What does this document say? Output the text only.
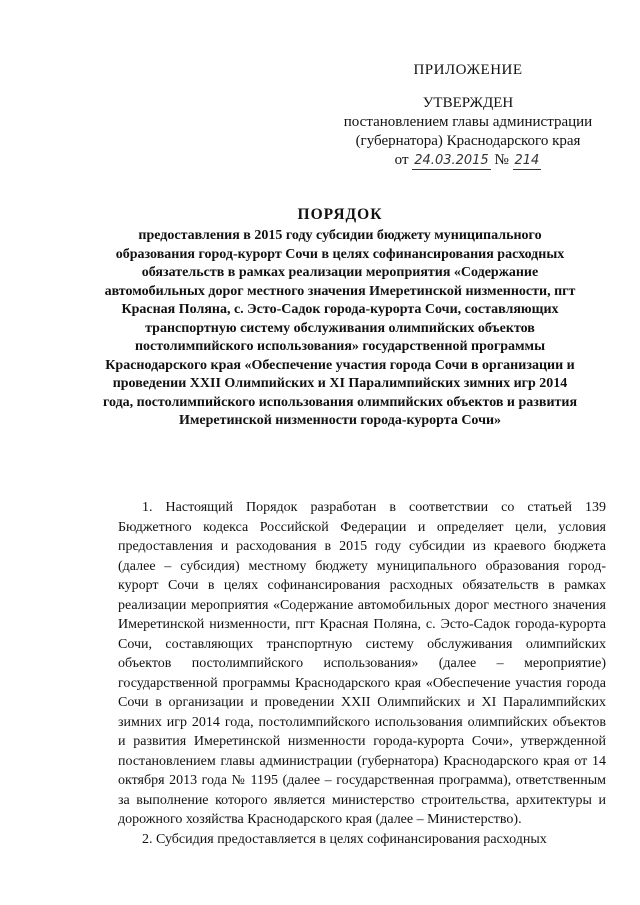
ПРИЛОЖЕНИЕ
УТВЕРЖДЕН
постановлением главы администрации
(губернатора) Краснодарского края
от 24.03.2015 № 214
ПОРЯДОК
предоставления в 2015 году субсидии бюджету муниципального образования город-курорт Сочи в целях софинансирования расходных обязательств в рамках реализации мероприятия «Содержание автомобильных дорог местного значения Имеретинской низменности, пгт Красная Поляна, с. Эсто-Садок города-курорта Сочи, составляющих транспортную систему обслуживания олимпийских объектов постолимпийского использования» государственной программы Краснодарского края «Обеспечение участия города Сочи в организации и проведении XXII Олимпийских и XI Паралимпийских зимних игр 2014 года, постолимпийского использования олимпийских объектов и развития Имеретинской низменности города-курорта Сочи»

1. Настоящий Порядок разработан в соответствии со статьей 139 Бюджетного кодекса Российской Федерации и определяет цели, условия предоставления и расходования в 2015 году субсидии из краевого бюджета (далее – субсидия) местному бюджету муниципального образования город-курорт Сочи в целях софинансирования расходных обязательств в рамках реализации мероприятия «Содержание автомобильных дорог местного значения Имеретинской низменности, пгт Красная Поляна, с. Эсто-Садок города-курорта Сочи, составляющих транспортную систему обслуживания олимпийских объектов постолимпийского использования» (далее – мероприятие) государственной программы Краснодарского края «Обеспечение участия города Сочи в организации и проведении XXII Олимпийских и XI Паралимпийских зимних игр 2014 года, постолимпийского использования олимпийских объектов и развития Имеретинской низменности города-курорта Сочи», утвержденной постановлением главы администрации (губернатора) Краснодарского края от 14 октября 2013 года № 1195 (далее – государственная программа), ответственным за выполнение которого является министерство строительства, архитектуры и дорожного хозяйства Краснодарского края (далее – Министерство).

2. Субсидия предоставляется в целях софинансирования расходных
